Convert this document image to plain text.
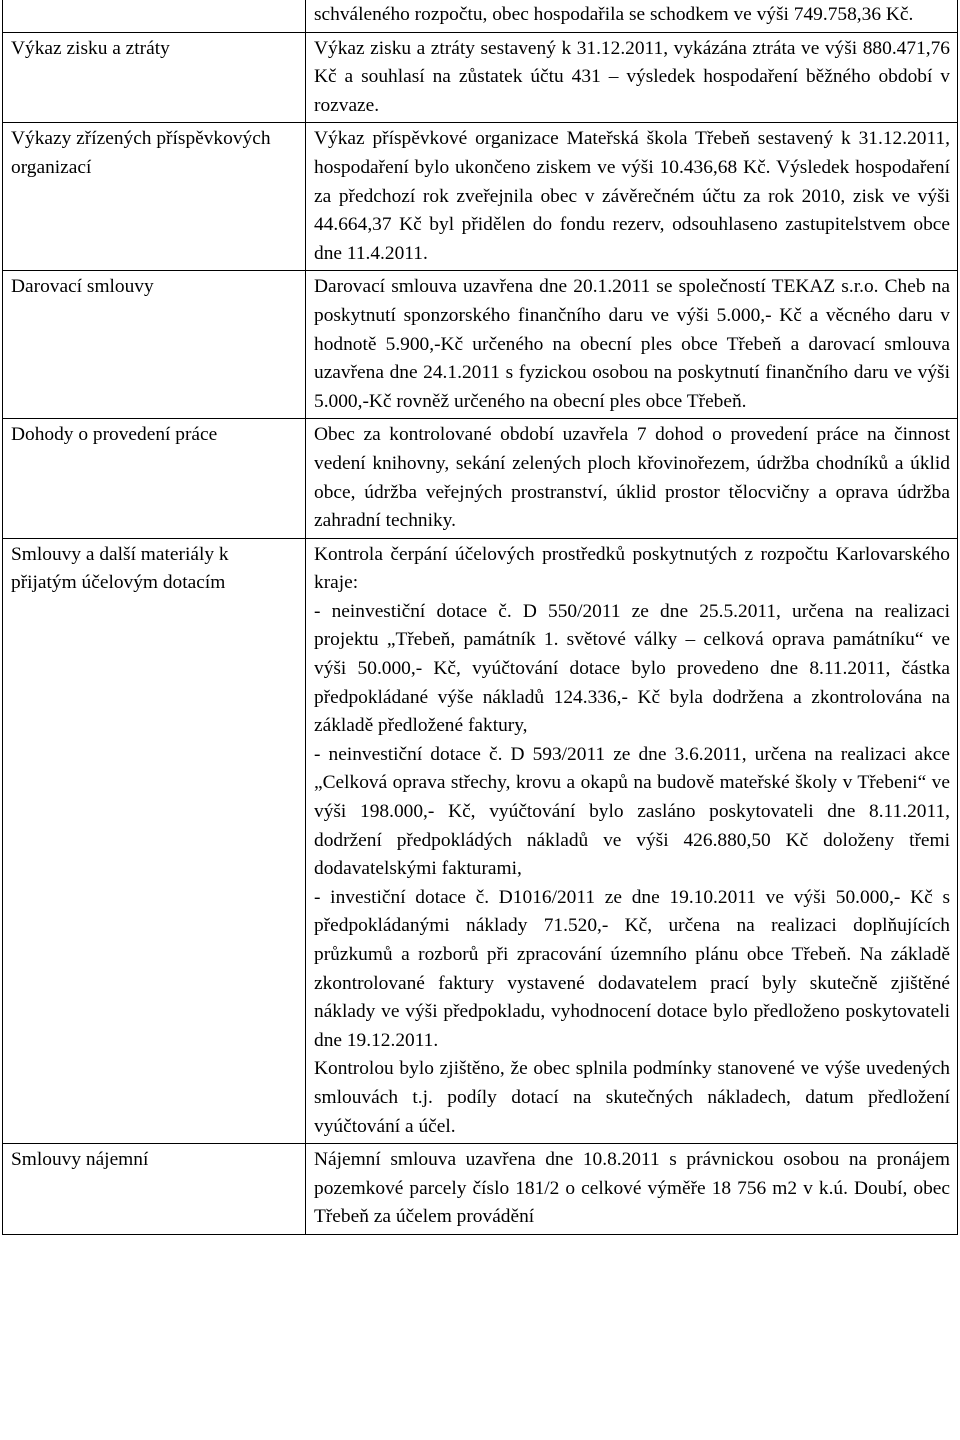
	schváleného rozpočtu, obec hospodařila se schodkem ve výši 749.758,36 Kč.

Výkaz zisku a ztráty	Výkaz zisku a ztráty sestavený k 31.12.2011, vykázána ztráta ve výši 880.471,76 Kč a souhlasí na zůstatek účtu 431 – výsledek hospodaření běžného období v rozvaze.

Výkazy zřízených příspěvkových organizací	Výkaz příspěvkové organizace Mateřská škola Třebeň sestavený k 31.12.2011, hospodaření bylo ukončeno ziskem ve výši 10.436,68 Kč. Výsledek hospodaření za předchozí rok zveřejnila obec v závěrečném účtu za rok 2010, zisk ve výši 44.664,37 Kč byl přidělen do fondu rezerv, odsouhlaseno zastupitelstvem obce dne 11.4.2011.

Darovací smlouvy	Darovací smlouva uzavřena dne 20.1.2011 se společností TEKAZ s.r.o. Cheb na poskytnutí sponzorského finančního daru ve výši 5.000,- Kč a věcného daru v hodnotě 5.900,-Kč určeného na obecní ples obce Třebeň a darovací smlouva uzavřena dne 24.1.2011 s fyzickou osobou na poskytnutí finančního daru ve výši 5.000,-Kč rovněž určeného na obecní ples obce Třebeň.

Dohody o provedení práce	Obec za kontrolované období uzavřela 7 dohod o provedení práce na činnost vedení knihovny, sekání zelených ploch křovinořezem, údržba chodníků a úklid obce, údržba veřejných prostranství, úklid prostor tělocvičny a oprava údržba zahradní techniky.

Smlouvy a další materiály k přijatým účelovým dotacím	Kontrola čerpání účelových prostředků poskytnutých z rozpočtu Karlovarského kraje:
- neinvestiční dotace č. D 550/2011 ze dne 25.5.2011, určena na realizaci projektu „Třebeň, památník 1. světové války – celková oprava památníku“ ve výši 50.000,- Kč, vyúčtování dotace bylo provedeno dne 8.11.2011, částka předpokládané výše nákladů 124.336,- Kč byla dodržena a zkontrolována na základě předložené faktury,
- neinvestiční dotace č. D 593/2011 ze dne 3.6.2011, určena na realizaci akce „Celková oprava střechy, krovu a okapů na budově mateřské školy v Třebeni“ ve výši 198.000,- Kč, vyúčtování bylo zasláno poskytovateli dne 8.11.2011, dodržení předpokládých nákladů ve výši 426.880,50 Kč doloženy třemi dodavatelskými fakturami,
- investiční dotace č. D1016/2011 ze dne 19.10.2011 ve výši 50.000,- Kč s předpokládanými náklady 71.520,- Kč, určena na realizaci doplňujících průzkumů a rozborů při zpracování územního plánu obce Třebeň. Na základě zkontrolované faktury vystavené dodavatelem prací byly skutečně zjištěné náklady ve výši předpokladu, vyhodnocení dotace bylo předloženo poskytovateli dne 19.12.2011.
Kontrolou bylo zjištěno, že obec splnila podmínky stanovené ve výše uvedených smlouvách t.j. podíly dotací na skutečných nákladech, datum předložení vyúčtování a účel.

Smlouvy nájemní	Nájemní smlouva uzavřena dne 10.8.2011 s právnickou osobou na pronájem pozemkové parcely číslo 181/2 o celkové výměře 18 756 m2 v k.ú. Doubí, obec Třebeň za účelem provádění
